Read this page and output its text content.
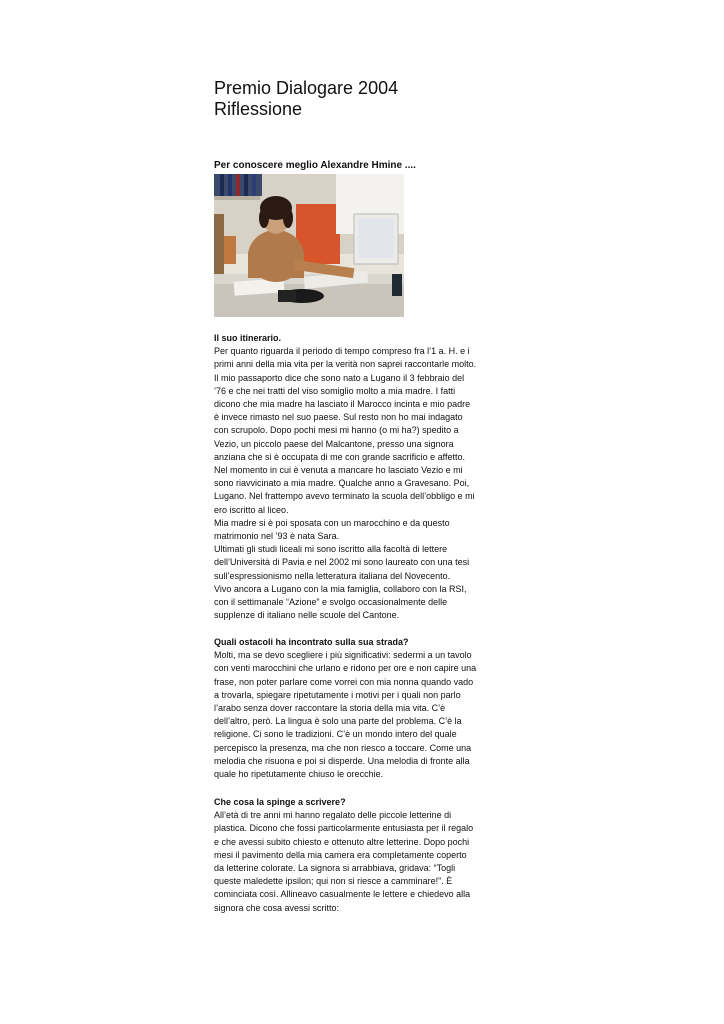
Premio Dialogare 2004
Riflessione
Per conoscere meglio Alexandre Hmine ....
Il suo itinerario.

Per quanto riguarda il periodo di tempo compreso fra l’1 a. H. e i

primi anni della mia vita per la verità non saprei raccontarle molto.

Il mio passaporto dice che sono nato a Lugano il 3 febbraio del

’76 e che nei tratti del viso somiglio molto a mia madre. I fatti

dicono che mia madre ha lasciato il Marocco incinta e mio padre

è invece rimasto nel suo paese. Sul resto non ho mai indagato

con scrupolo. Dopo pochi mesi mi hanno (o mi ha?) spedito a

Vezio, un piccolo paese del Malcantone, presso una signora

anziana che si è occupata di me con grande sacrificio e affetto.

Nel momento in cui è venuta a mancare ho lasciato Vezio e mi

sono riavvicinato a mia madre. Qualche anno a Gravesano. Poi,

Lugano. Nel frattempo avevo terminato la scuola dell’obbligo e mi

ero iscritto al liceo.

Mia madre si è poi sposata con un marocchino e da questo

matrimonio nel ’93 è nata Sara.

Ultimati gli studi liceali mi sono iscritto alla facoltà di lettere

dell’Università di Pavia e nel 2002 mi sono laureato con una tesi

sull’espressionismo nella letteratura italiana del Novecento.

Vivo ancora a Lugano con la mia famiglia, collaboro con la RSI,

con il settimanale “Azione” e svolgo occasionalmente delle

supplenze di italiano nelle scuole del Cantone.

Quali ostacoli ha incontrato sulla sua strada?

Molti, ma se devo scegliere i più significativi: sedermi a un tavolo

con venti marocchini che urlano e ridono per ore e non capire una

frase, non poter parlare come vorrei con mia nonna quando vado

a trovarla, spiegare ripetutamente i motivi per i quali non parlo

l’arabo senza dover raccontare la storia della mia vita. C’è

dell’altro, però. La lingua è solo una parte del problema. C’è la

religione. Ci sono le tradizioni. C’è un mondo intero del quale

percepisco la presenza, ma che non riesco a toccare. Come una

melodia che risuona e poi si disperde. Una melodia di fronte alla

quale ho ripetutamente chiuso le orecchie.

Che cosa la spinge a scrivere?

All’età di tre anni mi hanno regalato delle piccole letterine di

plastica. Dicono che fossi particolarmente entusiasta per il regalo

e che avessi subito chiesto e ottenuto altre letterine. Dopo pochi

mesi il pavimento della mia camera era completamente coperto

da letterine colorate. La signora si arrabbiava, gridava: “Togli

queste maledette ipsilon; qui non si riesce a camminare!”. È

cominciata così. Allineavo casualmente le lettere e chiedevo alla

signora che cosa avessi scritto:
